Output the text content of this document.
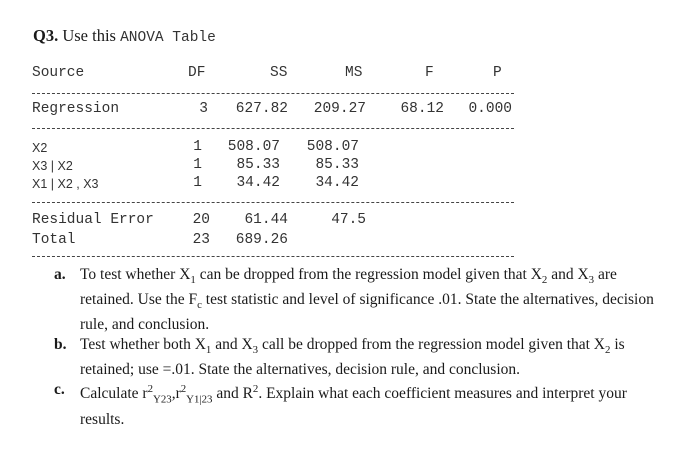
Q3. Use this ANOVA Table
Source	DF	SS	MS	F	P
Regression	3	627.82	209.27	68.12	0.000
X2	1	508.07	508.07
X3 | X2	1	85.33	85.33
X1 | X2 , X3	1	34.42	34.42
Residual Error	20	61.44	47.5
Total	23	689.26
a. To test whether $X_1$ can be dropped from the regression model given that $X_2$ and $X_3$ are retained. Use the $F_c$ test statistic and level of significance .01. State the alternatives, decision rule, and conclusion.
b. Test whether both $X_1$ and $X_3$ call be dropped from the regression model given that $X_2$ is retained; use =.01. State the alternatives, decision rule, and conclusion.
c. Calculate $r^2_{Y23},r^2_{Y1|23}$ and $R^2$. Explain what each coefficient measures and interpret your results.
